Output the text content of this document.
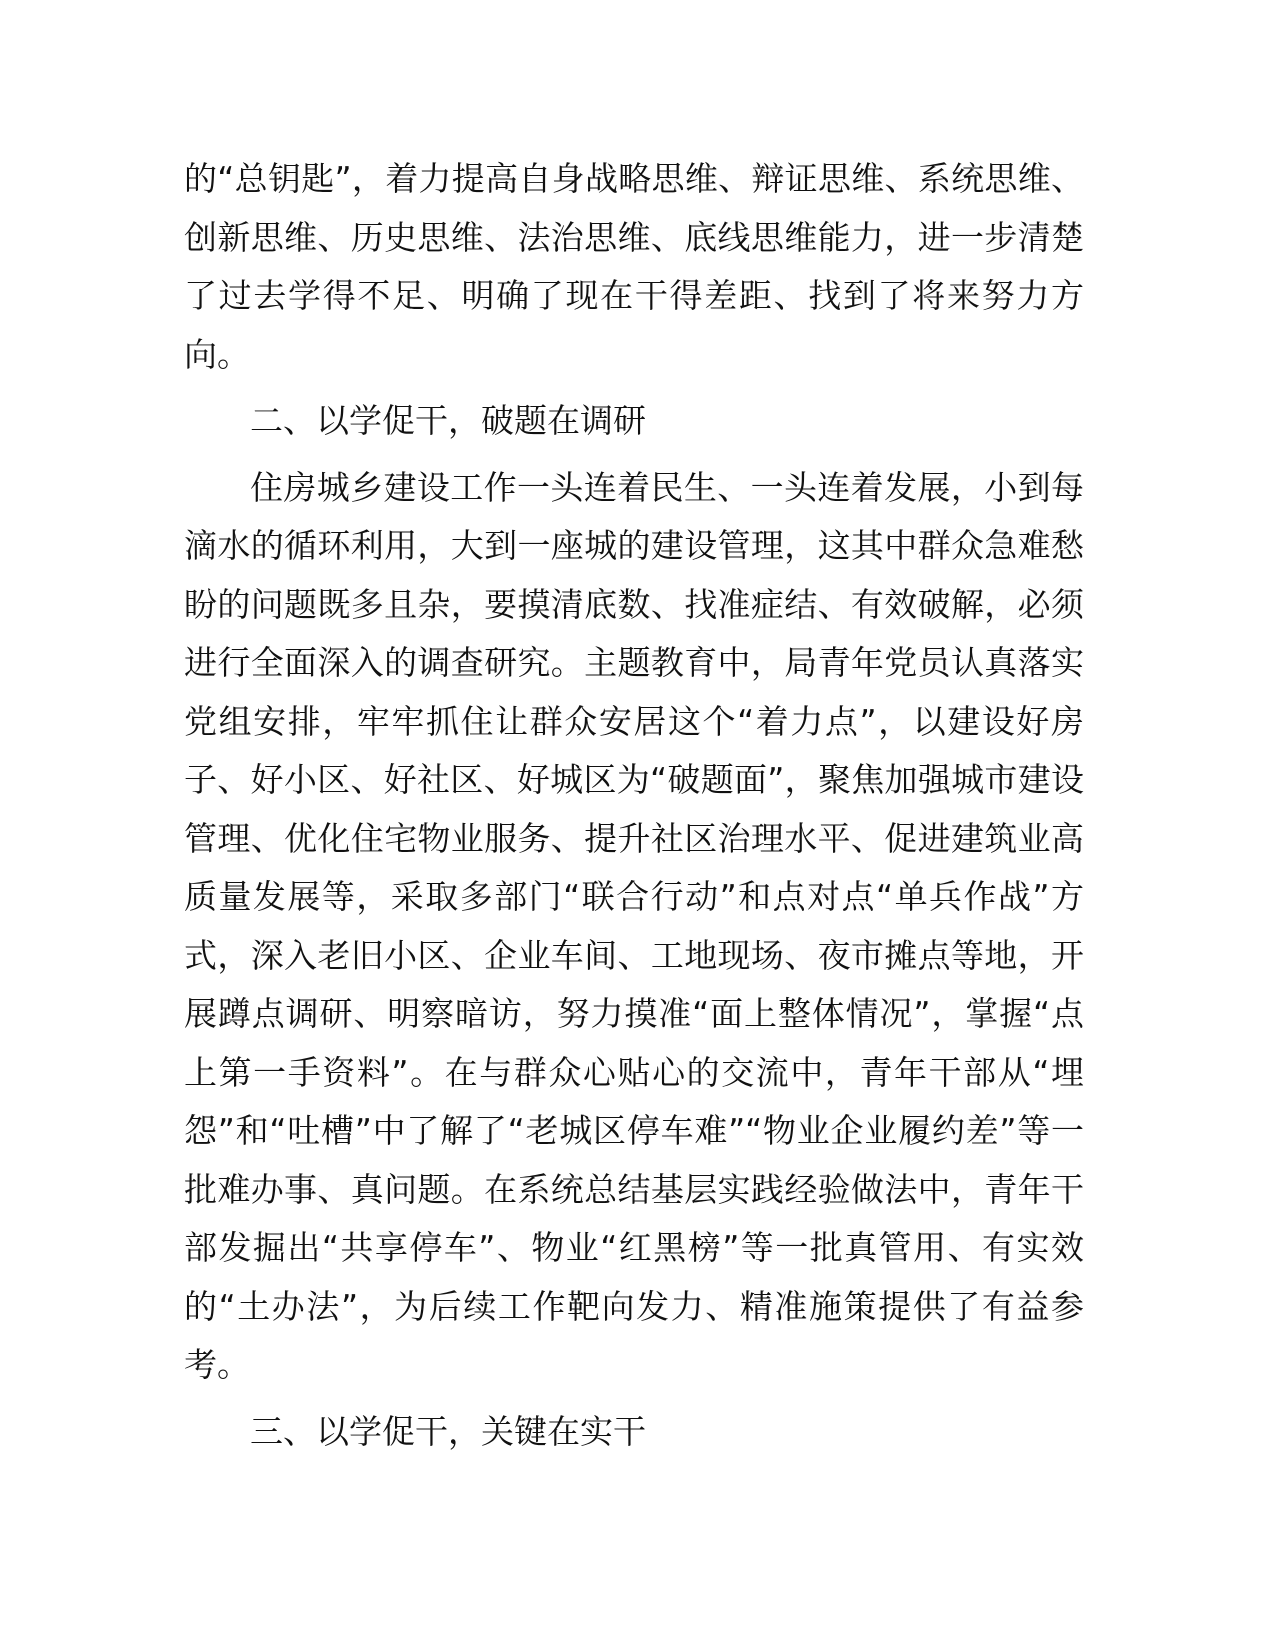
的“总钥匙”，着力提高自身战略思维、辩证思维、系统思维、创新思维、历史思维、法治思维、底线思维能力，进一步清楚了过去学得不足、明确了现在干得差距、找到了将来努力方向。

二、以学促干，破题在调研

住房城乡建设工作一头连着民生、一头连着发展，小到每滴水的循环利用，大到一座城的建设管理，这其中群众急难愁盼的问题既多且杂，要摸清底数、找准症结、有效破解，必须进行全面深入的调查研究。主题教育中，局青年党员认真落实党组安排，牢牢抓住让群众安居这个“着力点”，以建设好房子、好小区、好社区、好城区为“破题面”，聚焦加强城市建设管理、优化住宅物业服务、提升社区治理水平、促进建筑业高质量发展等，采取多部门“联合行动”和点对点“单兵作战”方式，深入老旧小区、企业车间、工地现场、夜市摊点等地，开展蹲点调研、明察暗访，努力摸准“面上整体情况”，掌握“点上第一手资料”。在与群众心贴心的交流中，青年干部从“埋怨”和“吐槽”中了解了“老城区停车难”“物业企业履约差”等一批难办事、真问题。在系统总结基层实践经验做法中，青年干部发掘出“共享停车”、物业“红黑榜”等一批真管用、有实效的“土办法”，为后续工作靶向发力、精准施策提供了有益参考。

三、以学促干，关键在实干
